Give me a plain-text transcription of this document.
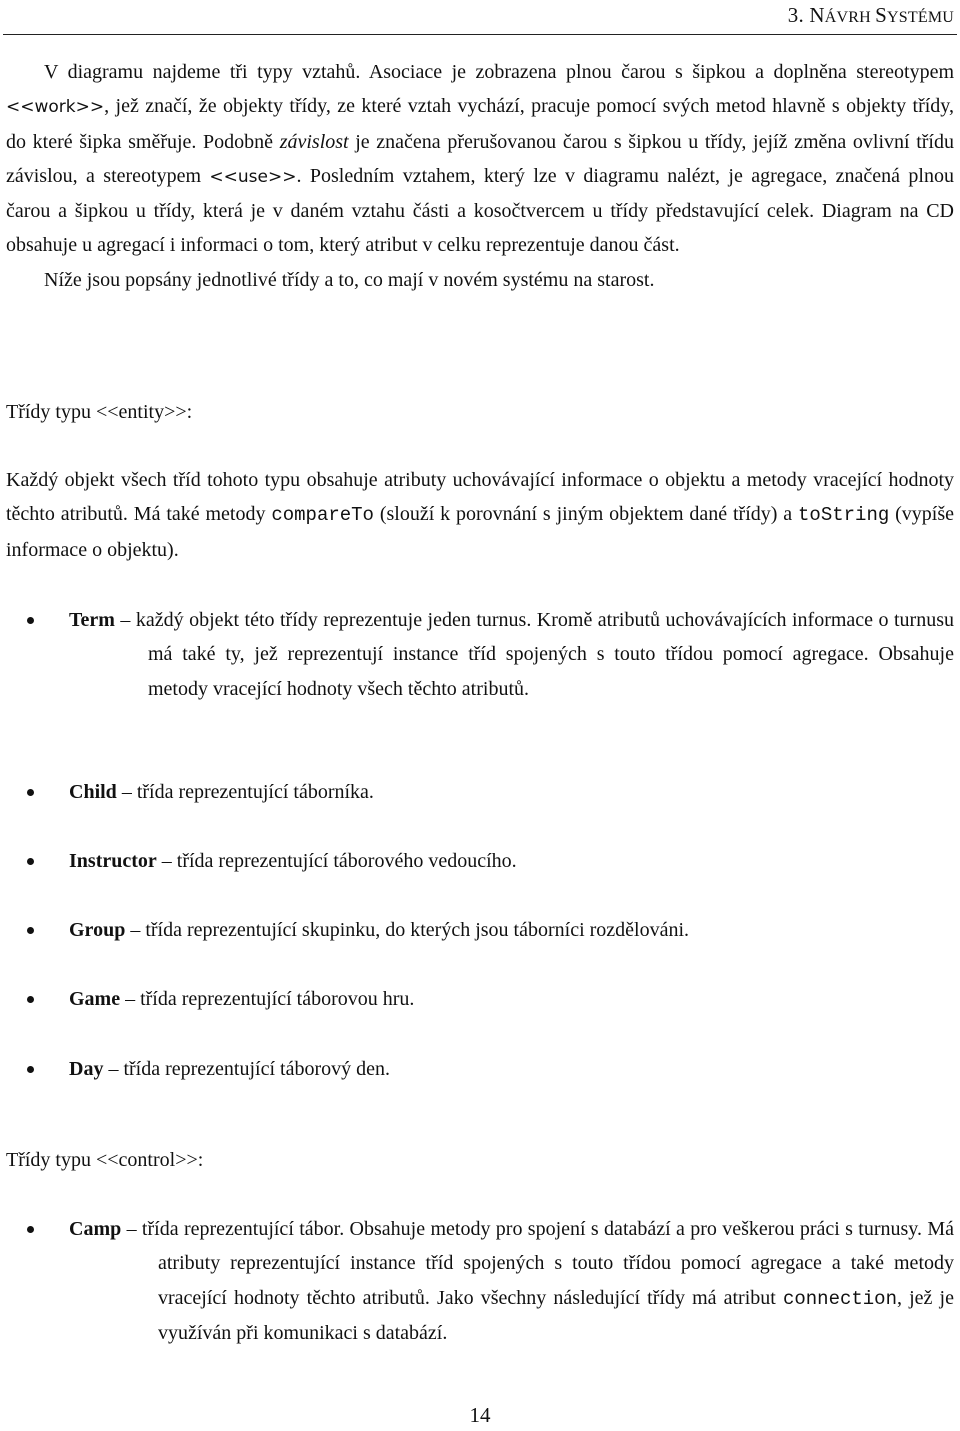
3. NÁVRH SYSTÉMU

V diagramu najdeme tři typy vztahů. Asociace je zobrazena plnou čarou s šipkou a doplněna stereotypem <<work>>, jež značí, že objekty třídy, ze které vztah vychází, pracuje pomocí svých metod hlavně s objekty třídy, do které šipka směřuje. Podobně závislost je značena přerušovanou čarou s šipkou u třídy, jejíž změna ovlivní třídu závislou, a stereotypem <<use>>. Posledním vztahem, který lze v diagramu nalézt, je agregace, značená plnou čarou a šipkou u třídy, která je v daném vztahu části a kosočtvercem u třídy představující celek. Diagram na CD obsahuje u agregací i informaci o tom, který atribut v celku reprezentuje danou část.

Níže jsou popsány jednotlivé třídy a to, co mají v novém systému na starost.

Třídy typu <<entity>>:

Každý objekt všech tříd tohoto typu obsahuje atributy uchovávající informace o objektu a metody vracející hodnoty těchto atributů. Má také metody compareTo (slouží k porovnání s jiným objektem dané třídy) a toString (vypíše informace o objektu).

Term – každý objekt této třídy reprezentuje jeden turnus. Kromě atributů uchovávajících informace o turnusu má také ty, jež reprezentují instance tříd spojených s touto třídou pomocí agregace. Obsahuje metody vracející hodnoty všech těchto atributů.
Child – třída reprezentující táborníka.
Instructor – třída reprezentující táborového vedoucího.
Group – třída reprezentující skupinku, do kterých jsou táborníci rozdělováni.
Game – třída reprezentující táborovou hru.
Day – třída reprezentující táborový den.
Třídy typu <<control>>:
Camp – třída reprezentující tábor. Obsahuje metody pro spojení s databází a pro veškerou práci s turnusy. Má atributy reprezentující instance tříd spojených s touto třídou pomocí agregace a také metody vracející hodnoty těchto atributů. Jako všechny následující třídy má atribut connection, jež je využíván při komunikaci s databází.
14
